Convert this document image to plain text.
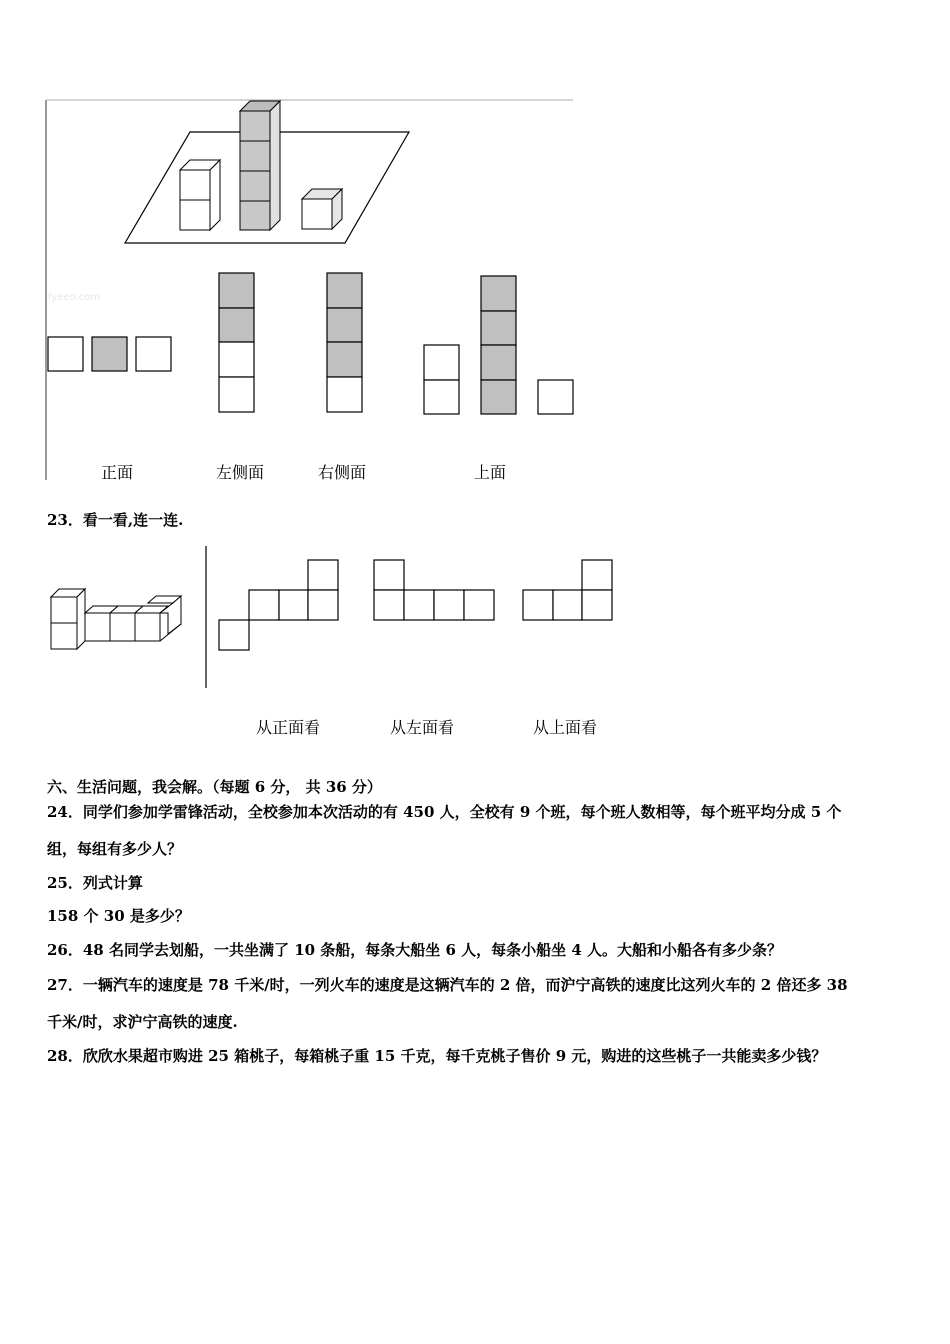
fyeeo.com
正面	左侧面	右侧面	上面
23．看一看,连一连.
从正面看	从左面看	从上面看
六、生活问题，我会解。（每题 6 分， 共 36 分）
24．同学们参加学雷锋活动，全校参加本次活动的有 450 人，全校有 9 个班，每个班人数相等，每个班平均分成 5 个
组，每组有多少人？
25．列式计算
158 个 30 是多少？
26．48 名同学去划船，一共坐满了 10 条船，每条大船坐 6 人，每条小船坐 4 人。大船和小船各有多少条？
27．一辆汽车的速度是 78 千米/时，一列火车的速度是这辆汽车的 2 倍，而沪宁高铁的速度比这列火车的 2 倍还多 38
千米/时，求沪宁高铁的速度.
28．欣欣水果超市购进 25 箱桃子，每箱桃子重 15 千克，每千克桃子售价 9 元，购进的这些桃子一共能卖多少钱？
